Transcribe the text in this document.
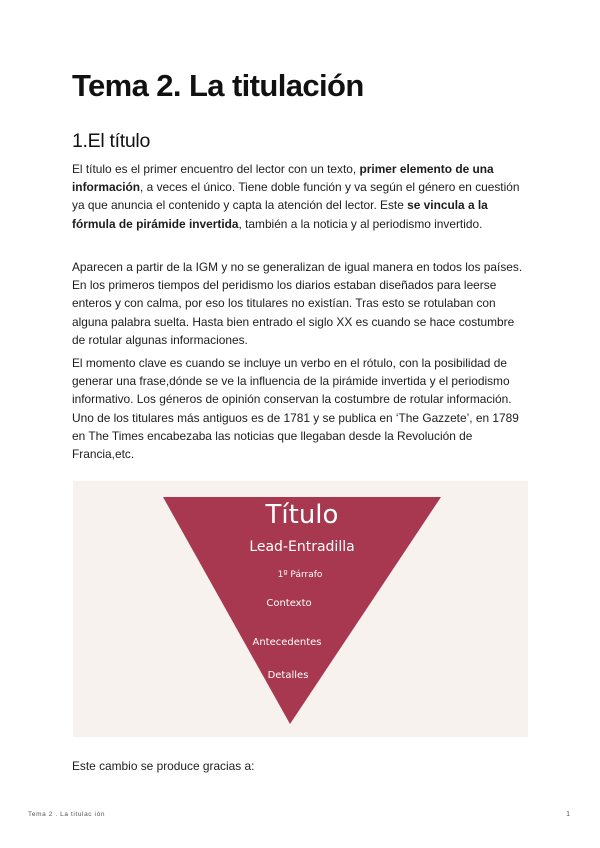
Tema 2. La titulación
1.El título

El título es el primer encuentro del lector con un texto, primer elemento de una información, a veces el único. Tiene doble función y va según el género en cuestión ya que anuncia el contenido y capta la atención del lector. Este se vincula a la fórmula de pirámide invertida, también a la noticia y al periodismo invertido.

Aparecen a partir de la IGM y no se generalizan de igual manera en todos los países. En los primeros tiempos del peridismo los diarios estaban diseñados para leerse enteros y con calma, por eso los titulares no existían. Tras esto se rotulaban con alguna palabra suelta. Hasta bien entrado el siglo XX es cuando se hace costumbre de rotular algunas informaciones.

El momento clave es cuando se incluye un verbo en el rótulo, con la posibilidad de generar una frase,dónde se ve la influencia de la pirámide invertida y el periodismo informativo. Los géneros de opinión conservan la costumbre de rotular información. Uno de los titulares más antiguos es de 1781 y se publica en ‘The Gazzete’, en 1789 en The Times encabezaba las noticias que llegaban desde la Revolución de Francia,etc.

Título
Lead-Entradilla
1º Párrafo
Contexto
Antecedentes
Detalles

Este cambio se produce gracias a:

Tema 2 . La titulac ión	1
